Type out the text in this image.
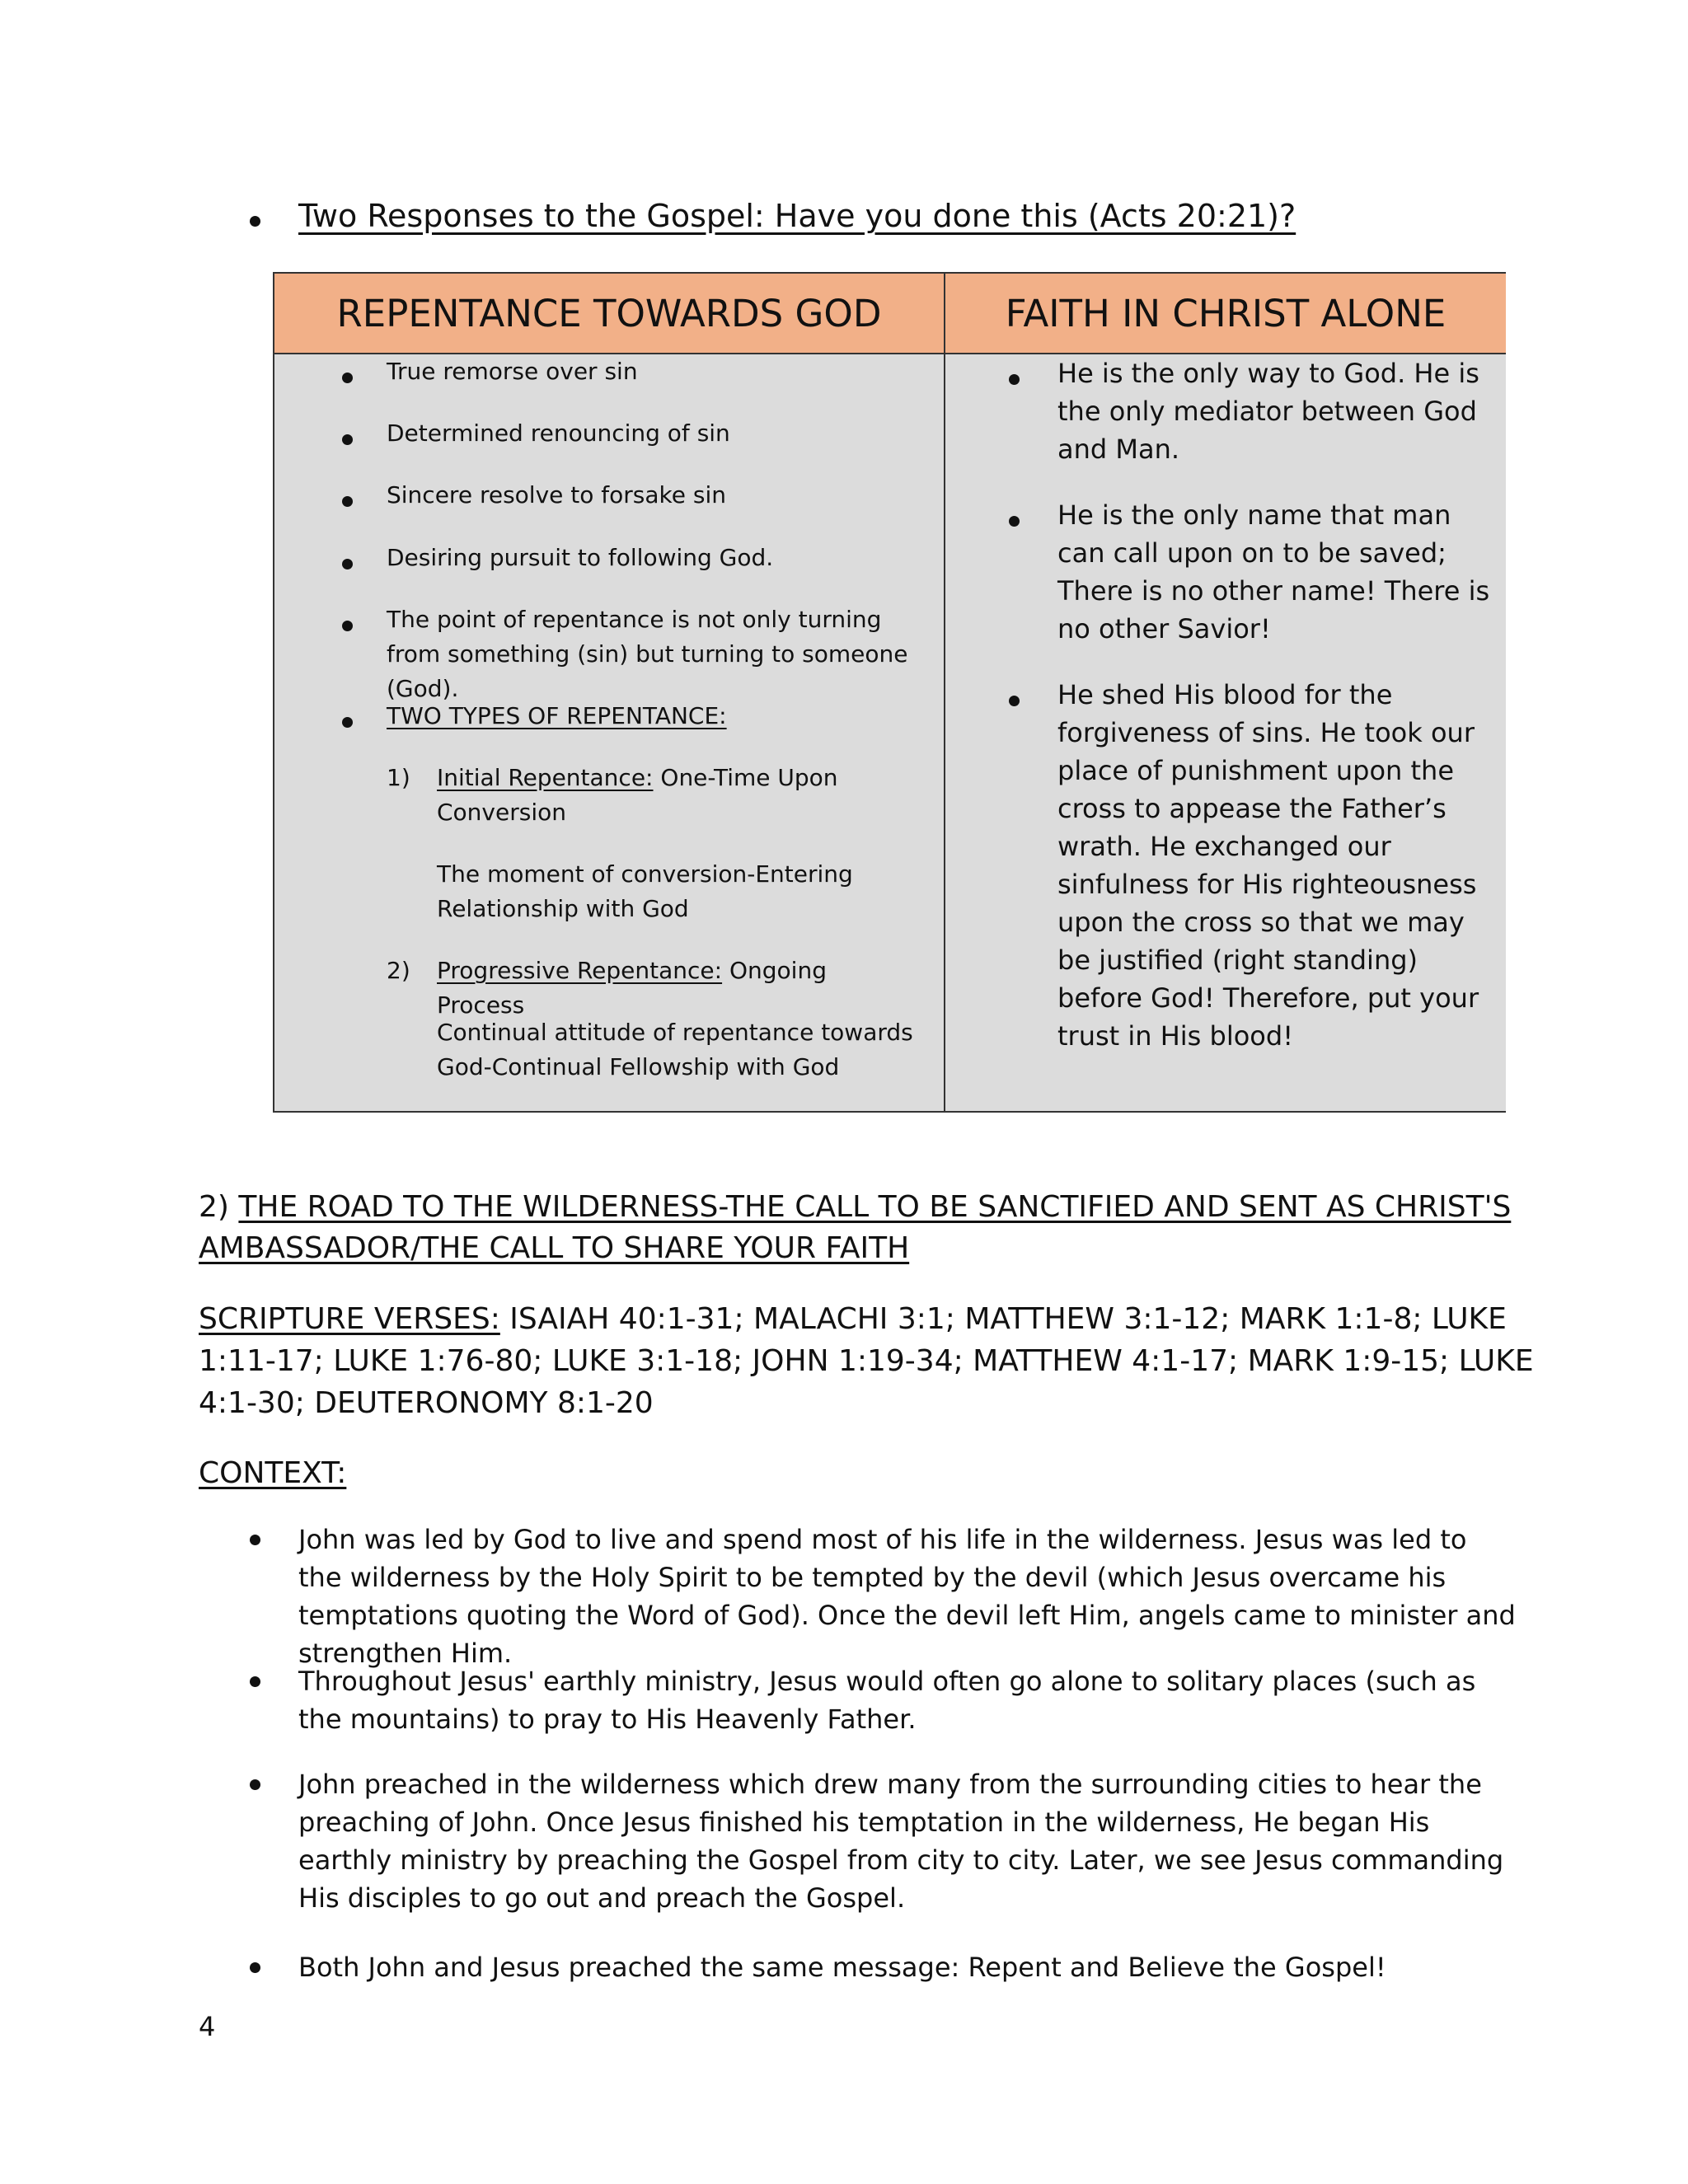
Two Responses to the Gospel: Have you done this (Acts 20:21)?
REPENTANCE TOWARDS GOD	FAITH IN CHRIST ALONE
True remorse over sin
Determined renouncing of sin
Sincere resolve to forsake sin
Desiring pursuit to following God.
The point of repentance is not only turning from something (sin) but turning to someone (God).
TWO TYPES OF REPENTANCE:
1) Initial Repentance: One-Time Upon Conversion
The moment of conversion-Entering Relationship with God
2) Progressive Repentance: Ongoing Process
Continual attitude of repentance towards God-Continual Fellowship with God
He is the only way to God. He is the only mediator between God and Man.
He is the only name that man can call upon on to be saved; There is no other name! There is no other Savior!
He shed His blood for the forgiveness of sins. He took our place of punishment upon the cross to appease the Father’s wrath. He exchanged our sinfulness for His righteousness upon the cross so that we may be justified (right standing) before God! Therefore, put your trust in His blood!
2) THE ROAD TO THE WILDERNESS-THE CALL TO BE SANCTIFIED AND SENT AS CHRIST'S AMBASSADOR/THE CALL TO SHARE YOUR FAITH
SCRIPTURE VERSES: ISAIAH 40:1-31; MALACHI 3:1; MATTHEW 3:1-12; MARK 1:1-8; LUKE 1:11-17; LUKE 1:76-80; LUKE 3:1-18; JOHN 1:19-34; MATTHEW 4:1-17; MARK 1:9-15; LUKE 4:1-30; DEUTERONOMY 8:1-20
CONTEXT:
John was led by God to live and spend most of his life in the wilderness. Jesus was led to the wilderness by the Holy Spirit to be tempted by the devil (which Jesus overcame his temptations quoting the Word of God). Once the devil left Him, angels came to minister and strengthen Him.
Throughout Jesus' earthly ministry, Jesus would often go alone to solitary places (such as the mountains) to pray to His Heavenly Father.
John preached in the wilderness which drew many from the surrounding cities to hear the preaching of John. Once Jesus finished his temptation in the wilderness, He began His earthly ministry by preaching the Gospel from city to city. Later, we see Jesus commanding His disciples to go out and preach the Gospel.
Both John and Jesus preached the same message: Repent and Believe the Gospel!
4
